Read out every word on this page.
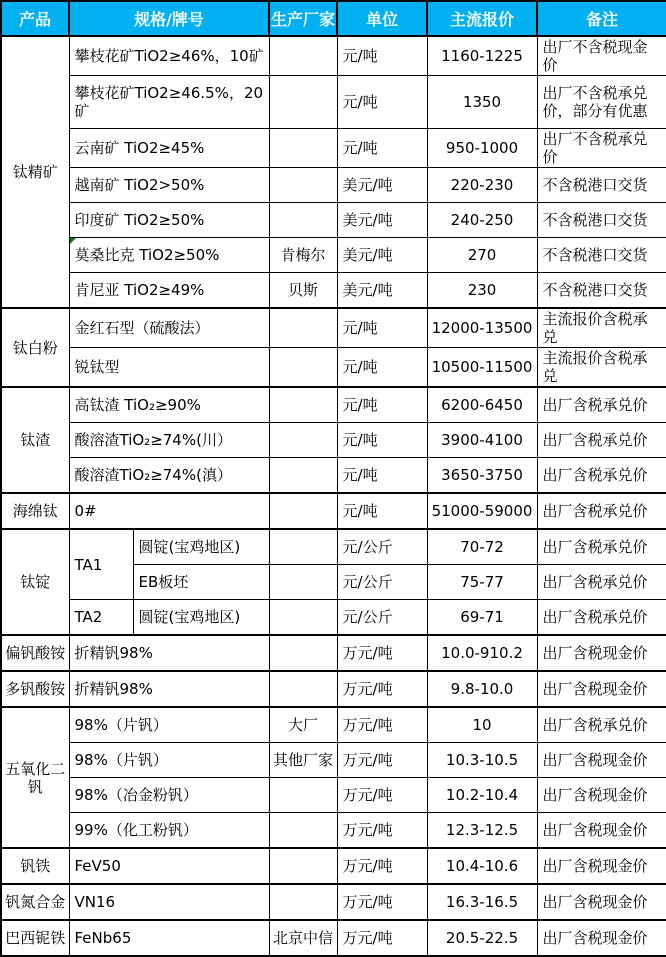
产品	规格/牌号		生产厂家	单位	主流报价	备注
钛精矿	攀枝花矿TiO2≥46%，10矿			元/吨	1160-1225	出厂不含税现金价
	攀枝花矿TiO2≥46.5%，20矿			元/吨	1350	出厂不含税承兑价，部分有优惠
	云南矿 TiO2≥45%			元/吨	950-1000	出厂不含税承兑价
	越南矿 TiO2>50%			美元/吨	220-230	不含税港口交货
	印度矿 TiO2≥50%			美元/吨	240-250	不含税港口交货
	莫桑比克 TiO2≥50%		肯梅尔	美元/吨	270	不含税港口交货
	肯尼亚 TiO2≥49%		贝斯	美元/吨	230	不含税港口交货
钛白粉	金红石型（硫酸法）			元/吨	12000-13500	主流报价含税承兑
	锐钛型			元/吨	10500-11500	主流报价含税承兑
钛渣	高钛渣 TiO₂≥90%			元/吨	6200-6450	出厂含税承兑价
	酸溶渣TiO₂≥74%(川）			元/吨	3900-4100	出厂含税承兑价
	酸溶渣TiO₂≥74%(滇）			元/吨	3650-3750	出厂含税承兑价
海绵钛	0#			元/吨	51000-59000	出厂含税承兑价
钛锭	TA1	圆锭(宝鸡地区)		元/公斤	70-72	出厂含税承兑价
		EB板坯		元/公斤	75-77	出厂含税承兑价
	TA2	圆锭(宝鸡地区)		元/公斤	69-71	出厂含税承兑价
偏钒酸铵	折精钒98%			万元/吨	10.0-910.2	出厂含税现金价
多钒酸铵	折精钒98%			万元/吨	9.8-10.0	出厂含税现金价
五氧化二钒	98%（片钒）		大厂	万元/吨	10	出厂含税承兑价
	98%（片钒）		其他厂家	万元/吨	10.3-10.5	出厂含税现金价
	98%（冶金粉钒）			万元/吨	10.2-10.4	出厂含税现金价
	99%（化工粉钒）			万元/吨	12.3-12.5	出厂含税现金价
钒铁	FeV50			万元/吨	10.4-10.6	出厂含税现金价
钒氮合金	VN16			万元/吨	16.3-16.5	出厂含税现金价
巴西铌铁	FeNb65		北京中信	万元/吨	20.5-22.5	出厂含税现金价
